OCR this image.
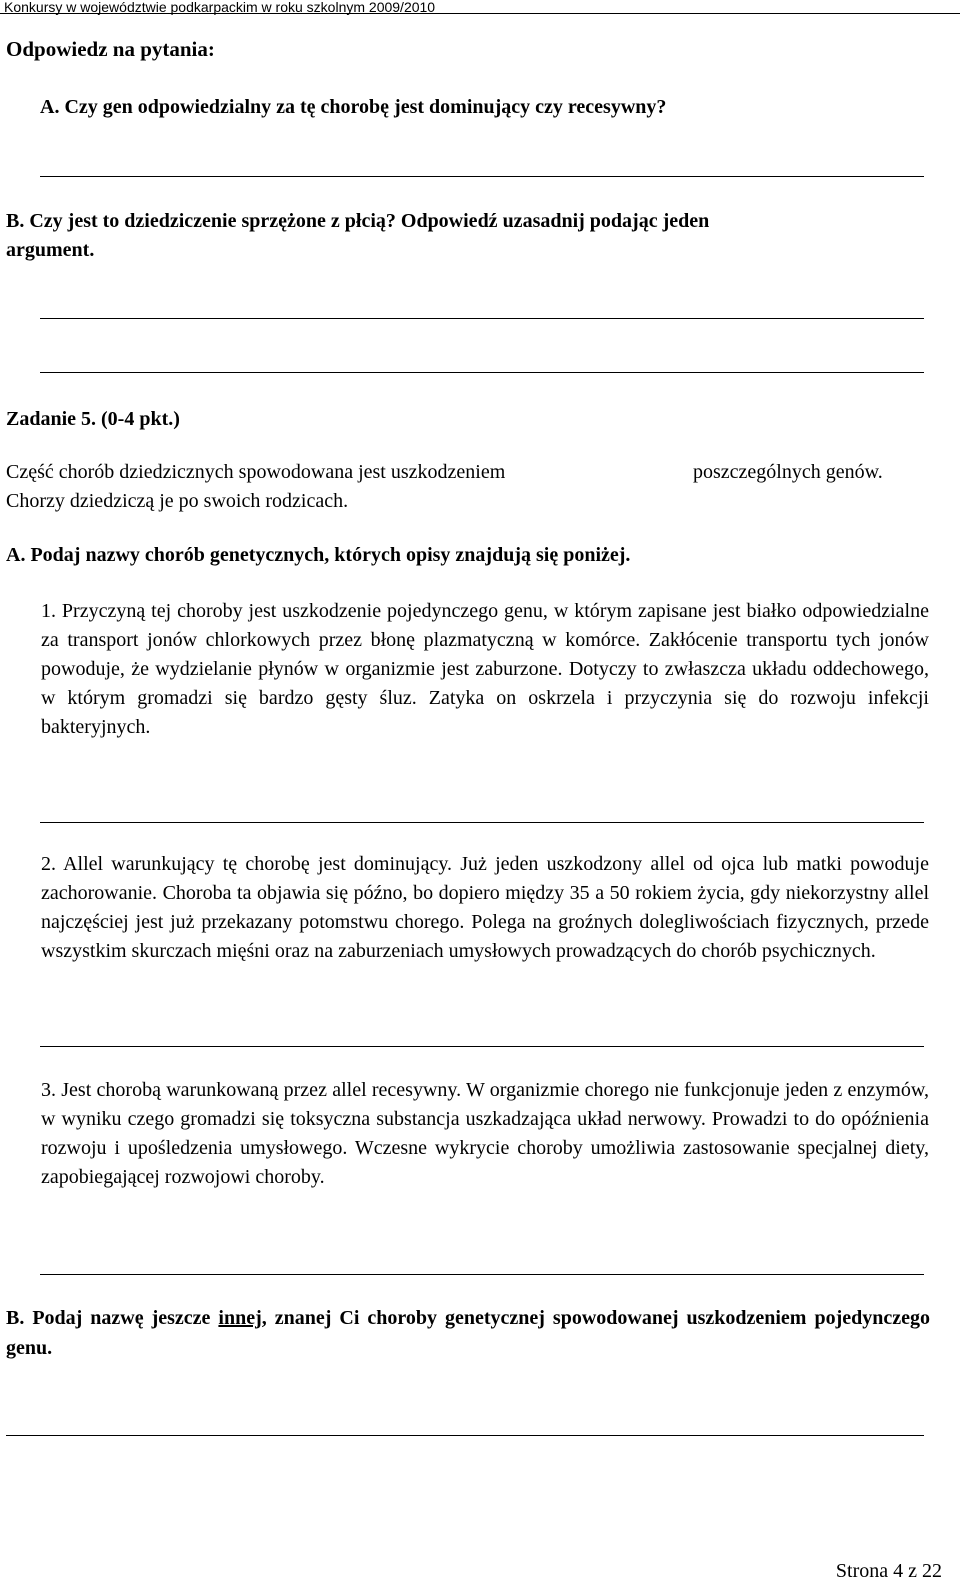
Konkursy w województwie podkarpackim w roku szkolnym 2009/2010
Odpowiedz na pytania:
A. Czy gen odpowiedzialny za tę chorobę jest dominujący czy recesywny?
B. Czy jest to dziedziczenie sprzężone z płcią? Odpowiedź uzasadnij podając jeden
argument.
Zadanie 5. (0-4 pkt.)
Część chorób dziedzicznych spowodowana jest uszkodzeniem	poszczególnych genów.
Chorzy dziedziczą je po swoich rodzicach.
A. Podaj nazwy chorób genetycznych, których opisy znajdują się poniżej.
1. Przyczyną tej choroby jest uszkodzenie pojedynczego genu, w którym zapisane jest białko odpowiedzialne za transport jonów chlorkowych przez błonę plazmatyczną w komórce. Zakłócenie transportu tych jonów powoduje, że wydzielanie płynów w organizmie jest zaburzone. Dotyczy to zwłaszcza układu oddechowego, w którym gromadzi się bardzo gęsty śluz. Zatyka on oskrzela i przyczynia się do rozwoju infekcji bakteryjnych.
2. Allel warunkujący tę chorobę jest dominujący. Już jeden uszkodzony allel od ojca lub matki powoduje zachorowanie. Choroba ta objawia się późno, bo dopiero między 35 a 50 rokiem życia, gdy niekorzystny allel najczęściej jest już przekazany potomstwu chorego. Polega na groźnych dolegliwościach fizycznych, przede wszystkim skurczach mięśni oraz na zaburzeniach umysłowych prowadzących do chorób psychicznych.
3. Jest chorobą warunkowaną przez allel recesywny. W organizmie chorego nie funkcjonuje jeden z enzymów, w wyniku czego gromadzi się toksyczna substancja uszkadzająca układ nerwowy. Prowadzi to do opóźnienia rozwoju i upośledzenia umysłowego. Wczesne wykrycie choroby umożliwia zastosowanie specjalnej diety, zapobiegającej rozwojowi choroby.
B. Podaj nazwę jeszcze innej, znanej Ci choroby genetycznej spowodowanej uszkodzeniem pojedynczego genu.
Strona 4 z 22
